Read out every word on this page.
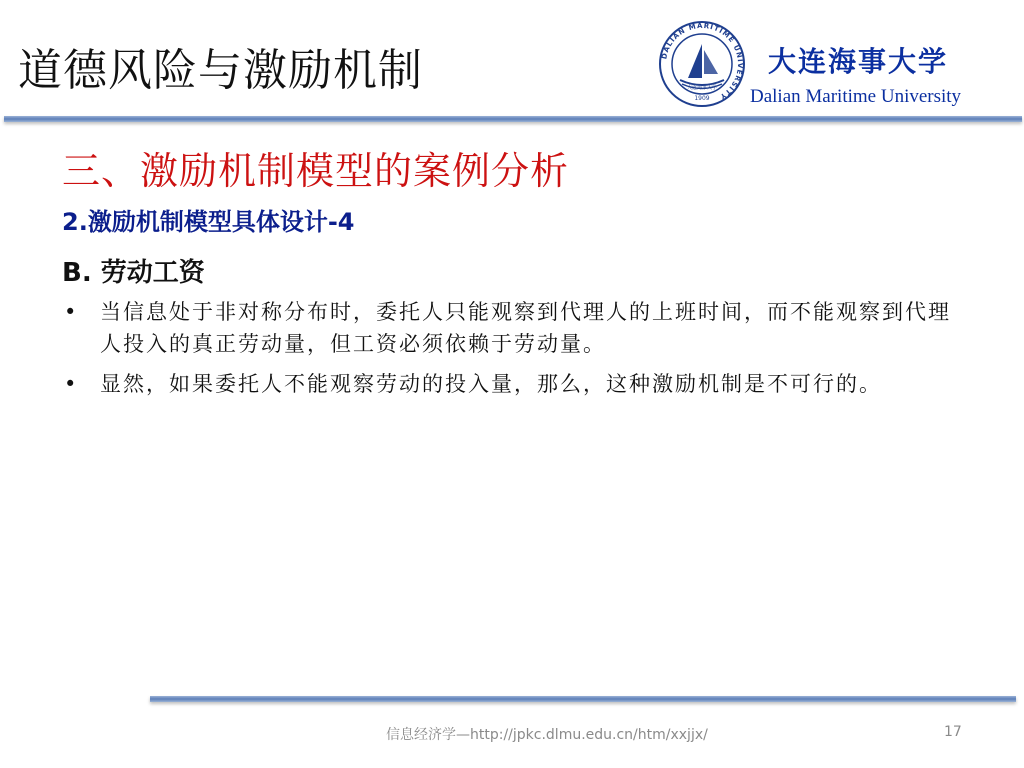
道德风险与激励机制	DALIAN MARITIME UNIVERSITY
大连海事大学
1909
大连海事大学
Dalian Maritime University
三、激励机制模型的案例分析
2.激励机制模型具体设计-4
B. 劳动工资
• 当信息处于非对称分布时，委托人只能观察到代理人的上班时间，而不能观察到代理人投入的真正劳动量，但工资必须依赖于劳动量。
• 显然，如果委托人不能观察劳动的投入量，那么，这种激励机制是不可行的。
信息经济学—http://jpkc.dlmu.edu.cn/htm/xxjjx/	17
